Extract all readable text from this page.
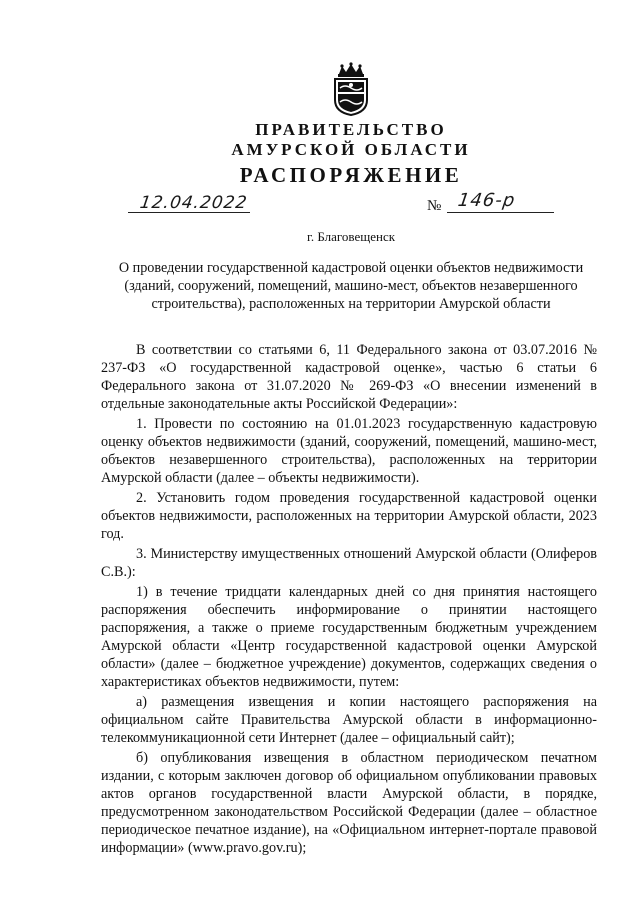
ПРАВИТЕЛЬСТВО
АМУРСКОЙ ОБЛАСТИ
РАСПОРЯЖЕНИЕ
12.04.2022	№ 146-р
г. Благовещенск
О проведении государственной кадастровой оценки объектов недвижимости (зданий, сооружений, помещений, машино-мест, объектов незавершенного строительства), расположенных на территории Амурской области

В соответствии со статьями 6, 11 Федерального закона от 03.07.2016 № 237-ФЗ «О государственной кадастровой оценке», частью 6 статьи 6 Федерального закона от 31.07.2020 № 269-ФЗ «О внесении изменений в отдельные законодательные акты Российской Федерации»:

1. Провести по состоянию на 01.01.2023 государственную кадастровую оценку объектов недвижимости (зданий, сооружений, помещений, машино-мест, объектов незавершенного строительства), расположенных на территории Амурской области (далее – объекты недвижимости).

2. Установить годом проведения государственной кадастровой оценки объектов недвижимости, расположенных на территории Амурской области, 2023 год.

3. Министерству имущественных отношений Амурской области (Олиферов С.В.):

1) в течение тридцати календарных дней со дня принятия настоящего распоряжения обеспечить информирование о принятии настоящего распоряжения, а также о приеме государственным бюджетным учреждением Амурской области «Центр государственной кадастровой оценки Амурской области» (далее – бюджетное учреждение) документов, содержащих сведения о характеристиках объектов недвижимости, путем:

а) размещения извещения и копии настоящего распоряжения на официальном сайте Правительства Амурской области в информационно-телекоммуникационной сети Интернет (далее – официальный сайт);

б) опубликования извещения в областном периодическом печатном издании, с которым заключен договор об официальном опубликовании правовых актов органов государственной власти Амурской области, в порядке, предусмотренном законодательством Российской Федерации (далее – областное периодическое печатное издание), на «Официальном интернет-портале правовой информации» (www.pravo.gov.ru);
